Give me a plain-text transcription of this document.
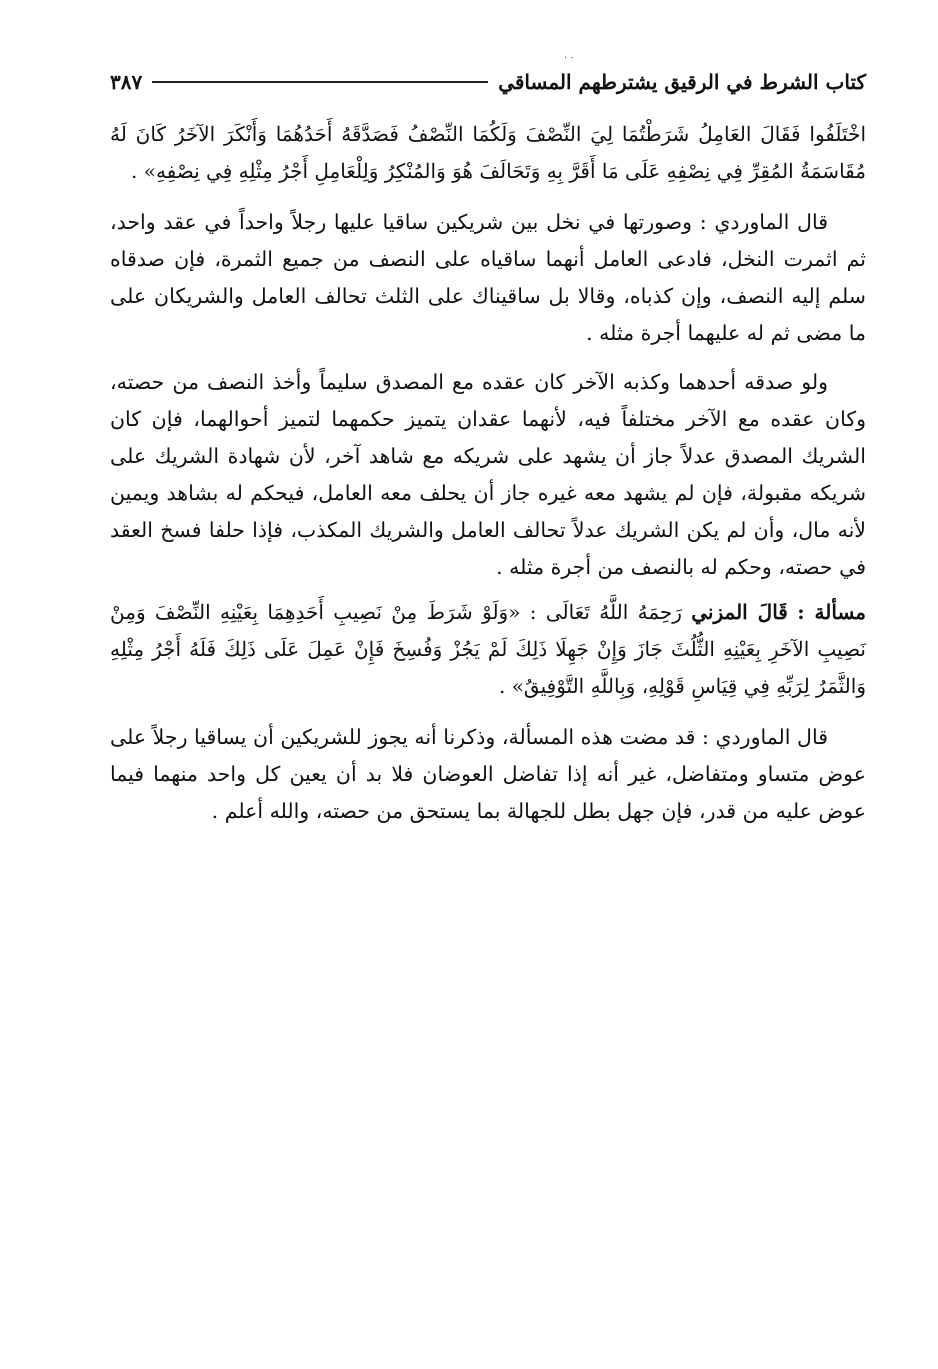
. .
كتاب الشرط في الرقيق يشترطهم المساقي
٣٨٧

اخْتَلَفُوا فَقَالَ العَامِلُ شَرَطْتُمَا لِيَ النِّصْفَ وَلَكُمَا النِّصْفُ فَصَدَّقَهُ أَحَدُهُمَا وَأَنْكَرَ الآخَرُ كَانَ لَهُ مُقَاسَمَةُ المُقِرِّ فِي نِصْفِهِ عَلَى مَا أَقَرَّ بِهِ وَتَحَالَفَ هُوَ وَالمُنْكِرُ وَلِلْعَامِلِ أَجْرُ مِثْلِهِ فِي نِصْفِهِ» .

قال الماوردي : وصورتها في نخل بين شريكين ساقيا عليها رجلاً واحداً في عقد واحد، ثم اثمرت النخل، فادعى العامل أنهما ساقياه على النصف من جميع الثمرة، فإن صدقاه سلم إليه النصف، وإن كذباه، وقالا بل ساقيناك على الثلث تحالف العامل والشريكان على ما مضى ثم له عليهما أجرة مثله .

ولو صدقه أحدهما وكذبه الآخر كان عقده مع المصدق سليماً وأخذ النصف من حصته، وكان عقده مع الآخر مختلفاً فيه، لأنهما عقدان يتميز حكمهما لتميز أحوالهما، فإن كان الشريك المصدق عدلاً جاز أن يشهد على شريكه مع شاهد آخر، لأن شهادة الشريك على شريكه مقبولة، فإن لم يشهد معه غيره جاز أن يحلف معه العامل، فيحكم له بشاهد ويمين لأنه مال، وأن لم يكن الشريك عدلاً تحالف العامل والشريك المكذب، فإذا حلفا فسخ العقد في حصته، وحكم له بالنصف من أجرة مثله .

مسألة : قَالَ المزني رَحِمَهُ اللَّهُ تَعَالَى : «وَلَوْ شَرَطَ مِنْ نَصِيبِ أَحَدِهِمَا بِعَيْنِهِ النِّصْفَ وَمِنْ نَصِيبِ الآخَرِ بِعَيْنِهِ الثُّلُثَ جَازَ وَإِنْ جَهِلَا ذَلِكَ لَمْ يَجُزْ وَفُسِخَ فَإِنْ عَمِلَ عَلَى ذَلِكَ فَلَهُ أَجْرُ مِثْلِهِ وَالثَّمَرُ لِرَبِّهِ فِي قِيَاسِ قَوْلِهِ، وَبِاللَّهِ التَّوْفِيقُ» .

قال الماوردي : قد مضت هذه المسألة، وذكرنا أنه يجوز للشريكين أن يساقيا رجلاً على عوض متساو ومتفاضل، غير أنه إذا تفاضل العوضان فلا بد أن يعين كل واحد منهما فيما عوض عليه من قدر، فإن جهل بطل للجهالة بما يستحق من حصته، والله أعلم .
